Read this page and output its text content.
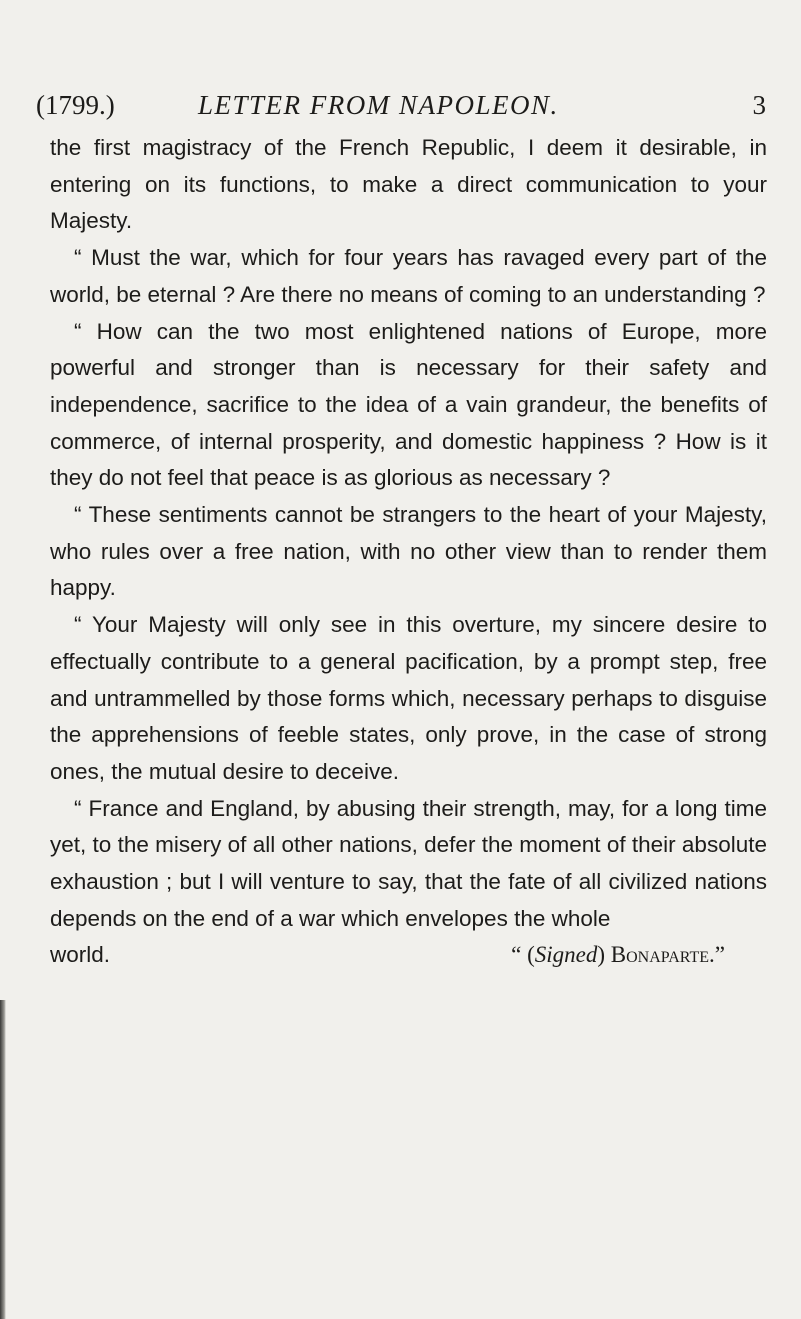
(1799.)	LETTER FROM NAPOLEON.	3

the first magistracy of the French Republic, I deem it desirable, in entering on its functions, to make a direct communication to your Majesty.

“ Must the war, which for four years has ravaged every part of the world, be eternal ? Are there no means of coming to an understanding ?

“ How can the two most enlightened nations of Europe, more powerful and stronger than is necessary for their safety and independence, sacrifice to the idea of a vain grandeur, the benefits of commerce, of internal prosperity, and domestic happiness ? How is it they do not feel that peace is as glorious as necessary ?

“ These sentiments cannot be strangers to the heart of your Majesty, who rules over a free nation, with no other view than to render them happy.

“ Your Majesty will only see in this overture, my sincere desire to effectually contribute to a general pacification, by a prompt step, free and untrammelled by those forms which, necessary perhaps to disguise the apprehensions of feeble states, only prove, in the case of strong ones, the mutual desire to deceive.

“ France and England, by abusing their strength, may, for a long time yet, to the misery of all other nations, defer the moment of their absolute exhaustion ; but I will venture to say, that the fate of all civilized nations depends on the end of a war which envelopes the whole

world.	“ (Signed) Bonaparte.”
